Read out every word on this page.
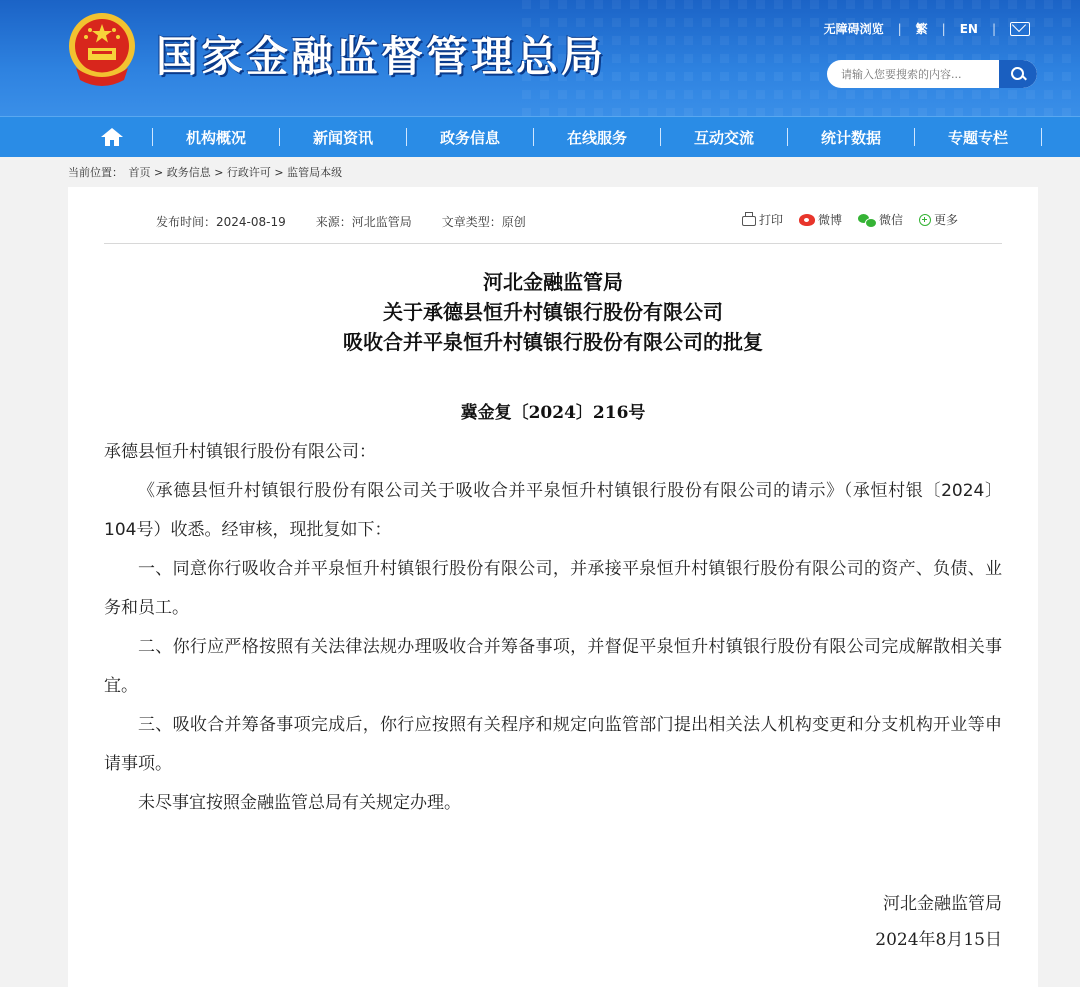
国家金融监督管理总局
无障碍浏览 | 繁 | EN |
请输入您要搜索的内容...
机构概况	新闻资讯	政务信息	在线服务	互动交流	统计数据	专题专栏
当前位置： 首页 > 政务信息 > 行政许可 > 监管局本级
发布时间：2024-08-19	来源：河北监管局	文章类型：原创	打印	微博	微信	更多
河北金融监管局
关于承德县恒升村镇银行股份有限公司
吸收合并平泉恒升村镇银行股份有限公司的批复
冀金复〔2024〕216号

承德县恒升村镇银行股份有限公司：

《承德县恒升村镇银行股份有限公司关于吸收合并平泉恒升村镇银行股份有限公司的请示》（承恒村银〔2024〕104号）收悉。经审核，现批复如下：

一、同意你行吸收合并平泉恒升村镇银行股份有限公司，并承接平泉恒升村镇银行股份有限公司的资产、负债、业务和员工。

二、你行应严格按照有关法律法规办理吸收合并筹备事项，并督促平泉恒升村镇银行股份有限公司完成解散相关事宜。

三、吸收合并筹备事项完成后，你行应按照有关程序和规定向监管部门提出相关法人机构变更和分支机构开业等申请事项。

未尽事宜按照金融监管总局有关规定办理。

河北金融监管局
2024年8月15日
